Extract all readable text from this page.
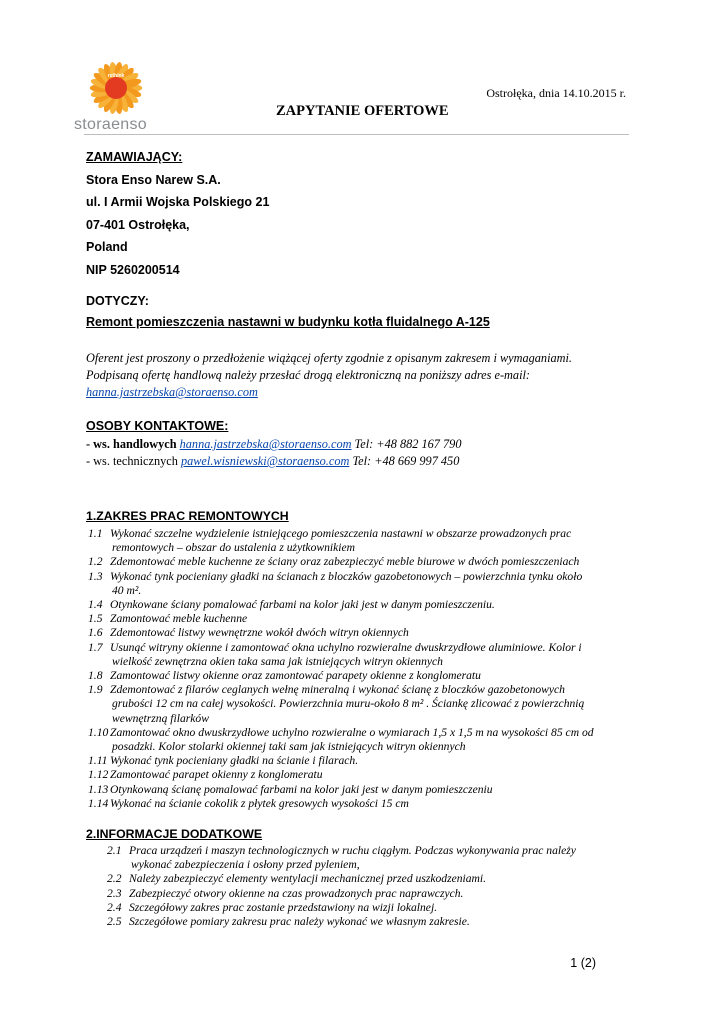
rethink
storaenso
Ostrołęka, dnia 14.10.2015 r.
ZAPYTANIE OFERTOWE
ZAMAWIAJĄCY:
Stora Enso Narew S.A.
ul. I Armii Wojska Polskiego 21
07-401 Ostrołęka,
Poland
NIP 5260200514
DOTYCZY:
Remont pomieszczenia nastawni w budynku kotła fluidalnego A-125
Oferent jest proszony o przedłożenie wiążącej oferty zgodnie z opisanym zakresem i wymaganiami.
Podpisaną ofertę handlową należy przesłać drogą elektroniczną na poniższy adres e-mail:
hanna.jastrzebska@storaenso.com
OSOBY KONTAKTOWE:
- ws. handlowych hanna.jastrzebska@storaenso.com Tel: +48 882 167 790
- ws. technicznych pawel.wisniewski@storaenso.com Tel: +48 669 997 450
1.ZAKRES PRAC REMONTOWYCH
1.1 Wykonać szczelne wydzielenie istniejącego pomieszczenia nastawni w obszarze prowadzonych prac
remontowych – obszar do ustalenia z użytkownikiem
1.2 Zdemontować meble kuchenne ze ściany oraz zabezpieczyć meble biurowe w dwóch pomieszczeniach
1.3 Wykonać tynk pocieniany gładki na ścianach z bloczków gazobetonowych – powierzchnia tynku około
40 m².
1.4 Otynkowane ściany pomalować farbami na kolor jaki jest w danym pomieszczeniu.
1.5 Zamontować meble kuchenne
1.6 Zdemontować listwy wewnętrzne wokół dwóch witryn okiennych
1.7 Usunąć witryny okienne i zamontować okna uchylno rozwieralne dwuskrzydłowe aluminiowe. Kolor i
wielkość zewnętrzna okien taka sama jak istniejących witryn okiennych
1.8 Zamontować listwy okienne oraz zamontować parapety okienne z konglomeratu
1.9 Zdemontować z filarów ceglanych wełnę mineralną i wykonać ścianę z bloczków gazobetonowych
grubości 12 cm na całej wysokości. Powierzchnia muru-około 8 m² . Ściankę zlicować z powierzchnią
wewnętrzną filarków
1.10 Zamontować okno dwuskrzydłowe uchylno rozwieralne o wymiarach 1,5 x 1,5 m na wysokości 85 cm od
posadzki. Kolor stolarki okiennej taki sam jak istniejących witryn okiennych
1.11 Wykonać tynk pocieniany gładki na ścianie i filarach.
1.12 Zamontować parapet okienny z konglomeratu
1.13 Otynkowaną ścianę pomalować farbami na kolor jaki jest w danym pomieszczeniu
1.14 Wykonać na ścianie cokolik z płytek gresowych wysokości 15 cm
2.INFORMACJE DODATKOWE
2.1 Praca urządzeń i maszyn technologicznych w ruchu ciągłym. Podczas wykonywania prac należy
wykonać zabezpieczenia i osłony przed pyleniem,
2.2 Należy zabezpieczyć elementy wentylacji mechanicznej przed uszkodzeniami.
2.3 Zabezpieczyć otwory okienne na czas prowadzonych prac naprawczych.
2.4 Szczegółowy zakres prac zostanie przedstawiony na wizji lokalnej.
2.5 Szczegółowe pomiary zakresu prac należy wykonać we własnym zakresie.
1 (2)
